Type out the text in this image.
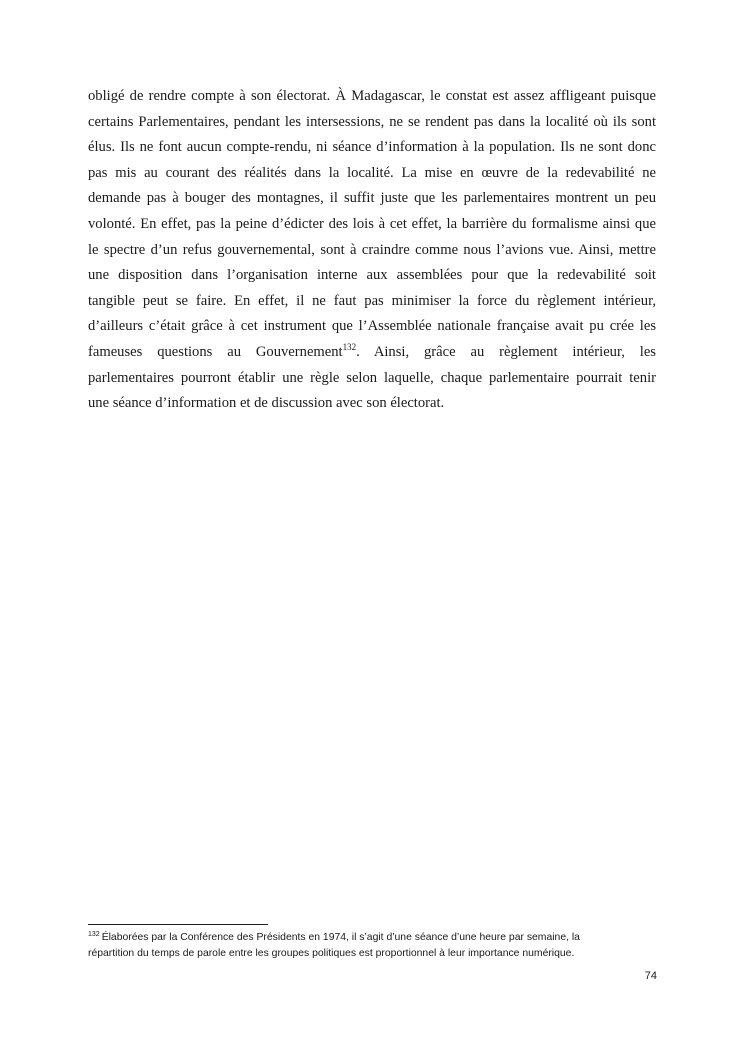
obligé de rendre compte à son électorat. À Madagascar, le constat est assez affligeant puisque
certains Parlementaires, pendant les intersessions, ne se rendent pas dans la localité où ils sont
élus. Ils ne font aucun compte-rendu, ni séance d’information à la population. Ils ne sont donc
pas mis au courant des réalités dans la localité. La mise en œuvre de la redevabilité ne
demande pas à bouger des montagnes, il suffit juste que les parlementaires montrent un peu
volonté. En effet, pas la peine d’édicter des lois à cet effet, la barrière du formalisme ainsi que
le spectre d’un refus gouvernemental, sont à craindre comme nous l’avions vue. Ainsi, mettre
une disposition dans l’organisation interne aux assemblées pour que la redevabilité soit
tangible peut se faire. En effet, il ne faut pas minimiser la force du règlement intérieur,
d’ailleurs c’était grâce à cet instrument que l’Assemblée nationale française avait pu crée les
fameuses questions au Gouvernement$^{132}$. Ainsi, grâce au règlement intérieur, les
parlementaires pourront établir une règle selon laquelle, chaque parlementaire pourrait tenir
une séance d’information et de discussion avec son électorat.
$^{132}$ Élaborées par la Conférence des Présidents en 1974, il s’agit d’une séance d’une heure par semaine, la
répartition du temps de parole entre les groupes politiques est proportionnel à leur importance numérique.
74
